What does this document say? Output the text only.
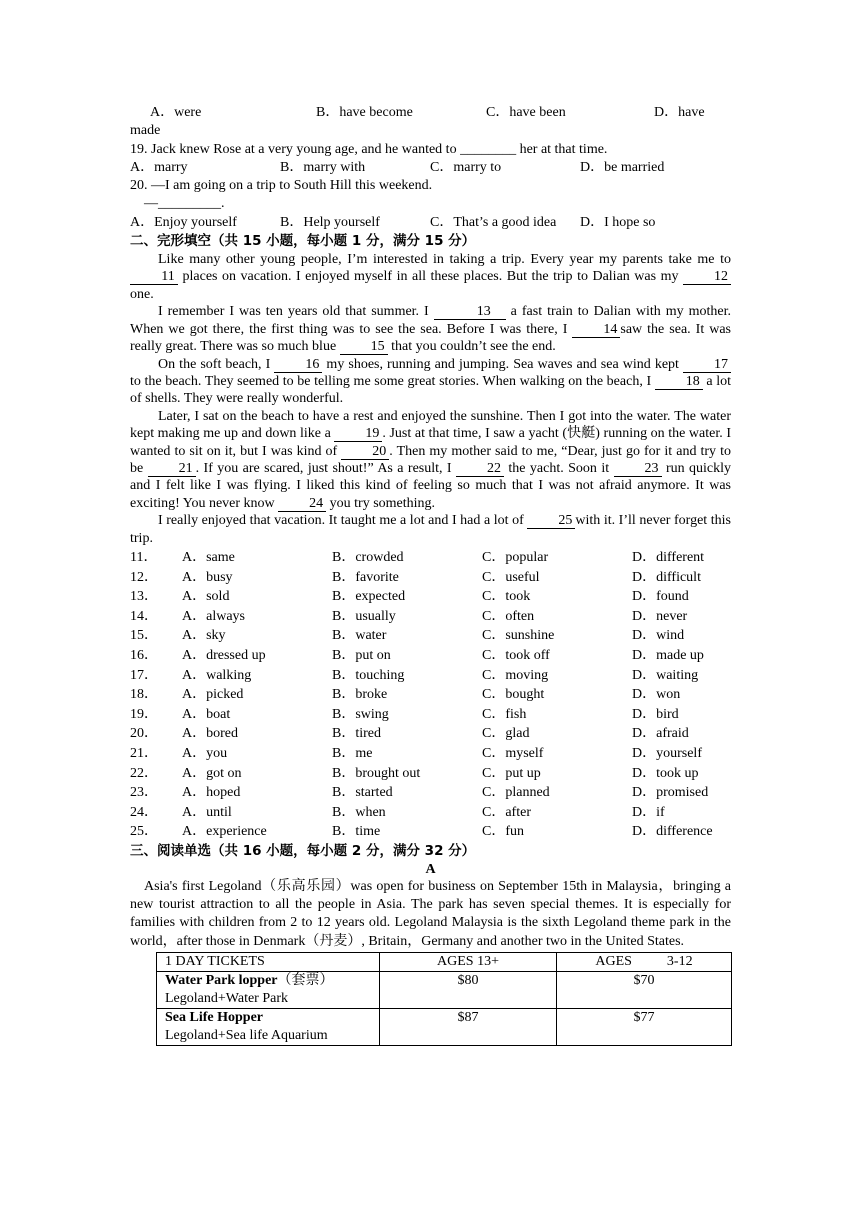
A．were	B．have become	C．have been	D．have
made
19. Jack knew Rose at a very young age, and he wanted to ________ her at that time.
A．marry	B．marry with	C．marry to	D．be married
20. —I am going on a trip to South Hill this weekend.
—_________.
A．Enjoy yourself	B．Help yourself	C．That’s a good idea	D．I hope so
二、完形填空（共 15 小题，每小题 1 分，满分 15 分）

Like many other young people, I’m interested in taking a trip. Every year my parents take me to 11 places on vacation. I enjoyed myself in all these places. But the trip to Dalian was my 12 one.

I remember I was ten years old that summer. I	13 a fast train to Dalian with my mother. When we got there, the first thing was to see the sea. Before I was there, I 14 saw the sea. It was really great. There was so much blue 15 that you couldn’t see the end.

On the soft beach, I 16 my shoes, running and jumping. Sea waves and sea wind kept 17 to the beach. They seemed to be telling me some great stories. When walking on the beach, I 18 a lot of shells. They were really wonderful.

Later, I sat on the beach to have a rest and enjoyed the sunshine. Then I got into the water. The water kept making me up and down like a 19 . Just at that time, I saw a yacht (快艇) running on the water. I wanted to sit on it, but I was kind of 20 . Then my mother said to me, “Dear, just go for it and try to be 21 . If you are scared, just shout!” As a result, I 22 the yacht. Soon it 23 run quickly and I felt like I was flying. I liked this kind of feeling so much that I was not afraid anymore. It was exciting! You never know 24 you try something.

I really enjoyed that vacation. It taught me a lot and I had a lot of 25 with it. I’ll never forget this trip.

11．	A．same	B．crowded	C．popular	D．different
12．	A．busy	B．favorite	C．useful	D．difficult
13．	A．sold	B．expected	C．took	D．found
14．	A．always	B．usually	C．often	D．never
15．	A．sky	B．water	C．sunshine	D．wind
16．	A．dressed up	B．put on	C．took off	D．made up
17．	A．walking	B．touching	C．moving	D．waiting
18．	A．picked	B．broke	C．bought	D．won
19．	A．boat	B．swing	C．fish	D．bird
20．	A．bored	B．tired	C．glad	D．afraid
21．	A．you	B．me	C．myself	D．yourself
22．	A．got on	B．brought out	C．put up	D．took up
23．	A．hoped	B．started	C．planned	D．promised
24．	A．until	B．when	C．after	D．if
25．	A．experience	B．time	C．fun	D．difference
三、阅读单选（共 16 小题，每小题 2 分，满分 32 分）
A

Asia's first Legoland（乐高乐园）was open for business on September 15th in Malaysia，bringing a new tourist attraction to all the people in Asia. The park has seven special themes. It is especially for families with children from 2 to 12 years old. Legoland Malaysia is the sixth Legoland theme park in the world，after those in Denmark（丹麦）, Britain，Germany and another two in the United States.

1 DAY TICKETS	AGES 13+	AGES          3-12
Water Park lopper（套票）
Legoland+Water Park	$80	$70
Sea Life Hopper
Legoland+Sea life Aquarium	$87	$77
